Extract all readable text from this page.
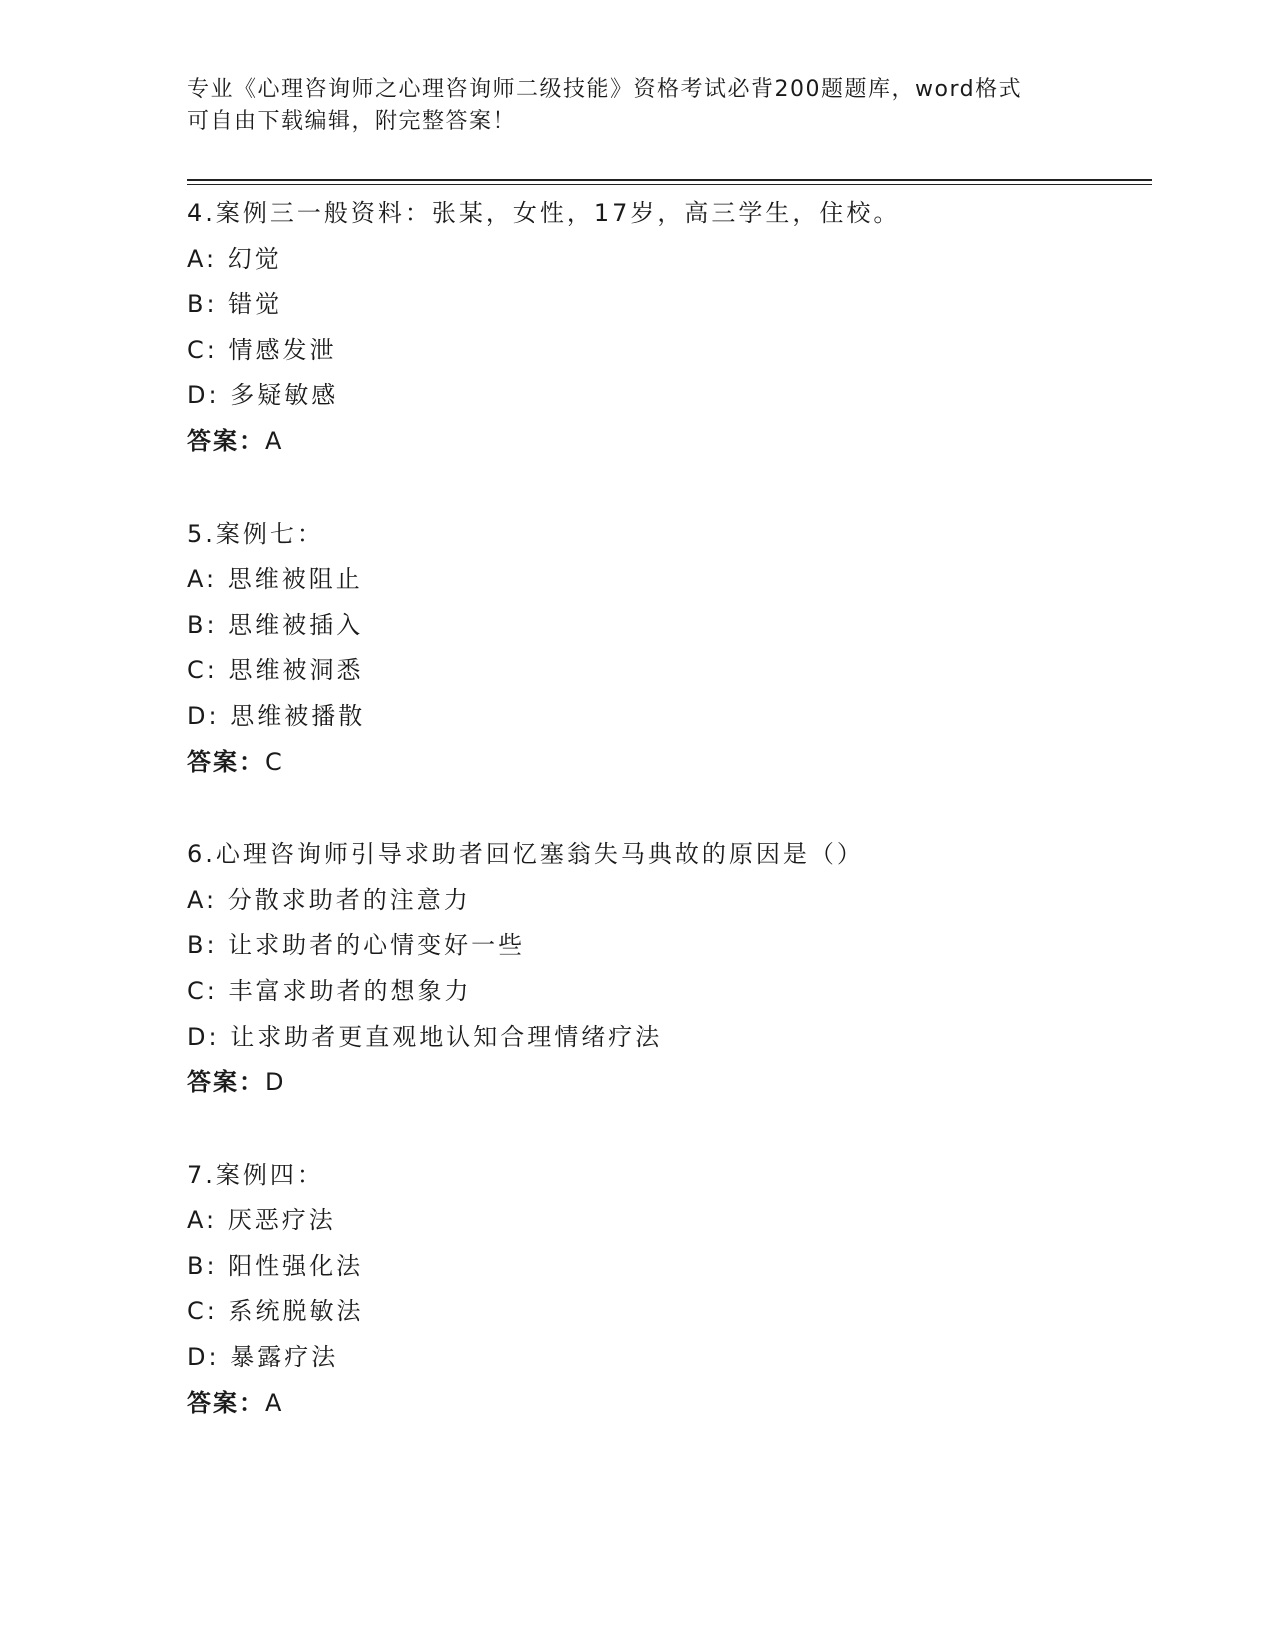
专业《心理咨询师之心理咨询师二级技能》资格考试必背200题题库，word格式
可自由下载编辑，附完整答案！
4.案例三一般资料：张某，女性，17岁，高三学生，住校。
A: 幻觉
B: 错觉
C: 情感发泄
D: 多疑敏感
答案：A
5.案例七：
A: 思维被阻止
B: 思维被插入
C: 思维被洞悉
D: 思维被播散
答案：C
6.心理咨询师引导求助者回忆塞翁失马典故的原因是（）
A: 分散求助者的注意力
B: 让求助者的心情变好一些
C: 丰富求助者的想象力
D: 让求助者更直观地认知合理情绪疗法
答案：D
7.案例四：
A: 厌恶疗法
B: 阳性强化法
C: 系统脱敏法
D: 暴露疗法
答案：A
